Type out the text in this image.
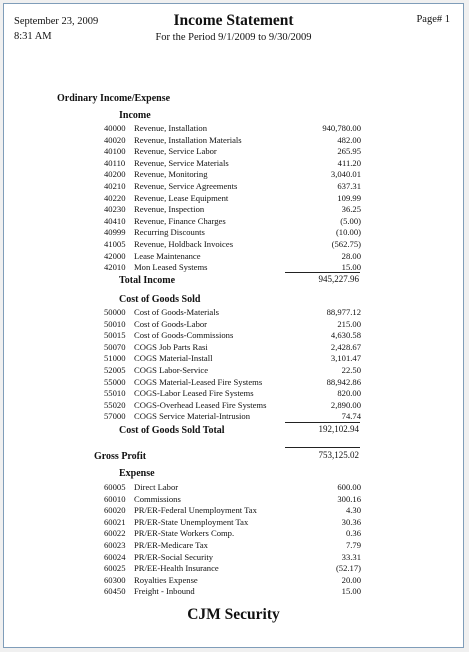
September 23, 2009
8:31 AM
Income Statement
For the Period 9/1/2009 to 9/30/2009
Page# 1
Ordinary Income/Expense
Income
40000 Revenue, Installation	940,780.00
40020 Revenue, Installation Materials	482.00
40100 Revenue, Service Labor	265.95
40110 Revenue, Service Materials	411.20
40200 Revenue, Monitoring	3,040.01
40210 Revenue, Service Agreements	637.31
40220 Revenue, Lease Equipment	109.99
40230 Revenue, Inspection	36.25
40410 Revenue, Finance Charges	(5.00)
40999 Recurring Discounts	(10.00)
41005 Revenue, Holdback Invoices	(562.75)
42000 Lease Maintenance	28.00
42010 Mon Leased Systems	15.00
Total Income	945,227.96
Cost of Goods Sold
50000 Cost of Goods-Materials	88,977.12
50010 Cost of Goods-Labor	215.00
50015 Cost of Goods-Commissions	4,630.58
50070 COGS Job Parts Rasi	2,428.67
51000 COGS Material-Install	3,101.47
52005 COGS Labor-Service	22.50
55000 COGS Material-Leased Fire Systems	88,942.86
55010 COGS-Labor Leased Fire Systems	820.00
55020 COGS-Overhead Leased Fire Systems	2,890.00
57000 COGS Service Material-Intrusion	74.74
Cost of Goods Sold Total	192,102.94
Gross Profit	753,125.02
Expense
60005 Direct Labor	600.00
60010 Commissions	300.16
60020 PR/ER-Federal Unemployment Tax	4.30
60021 PR/ER-State Unemployment Tax	30.36
60022 PR/ER-State Workers Comp.	0.36
60023 PR/ER-Medicare Tax	7.79
60024 PR/ER-Social Security	33.31
60025 PR/EE-Health Insurance	(52.17)
60300 Royalties Expense	20.00
60450 Freight - Inbound	15.00
CJM Security
